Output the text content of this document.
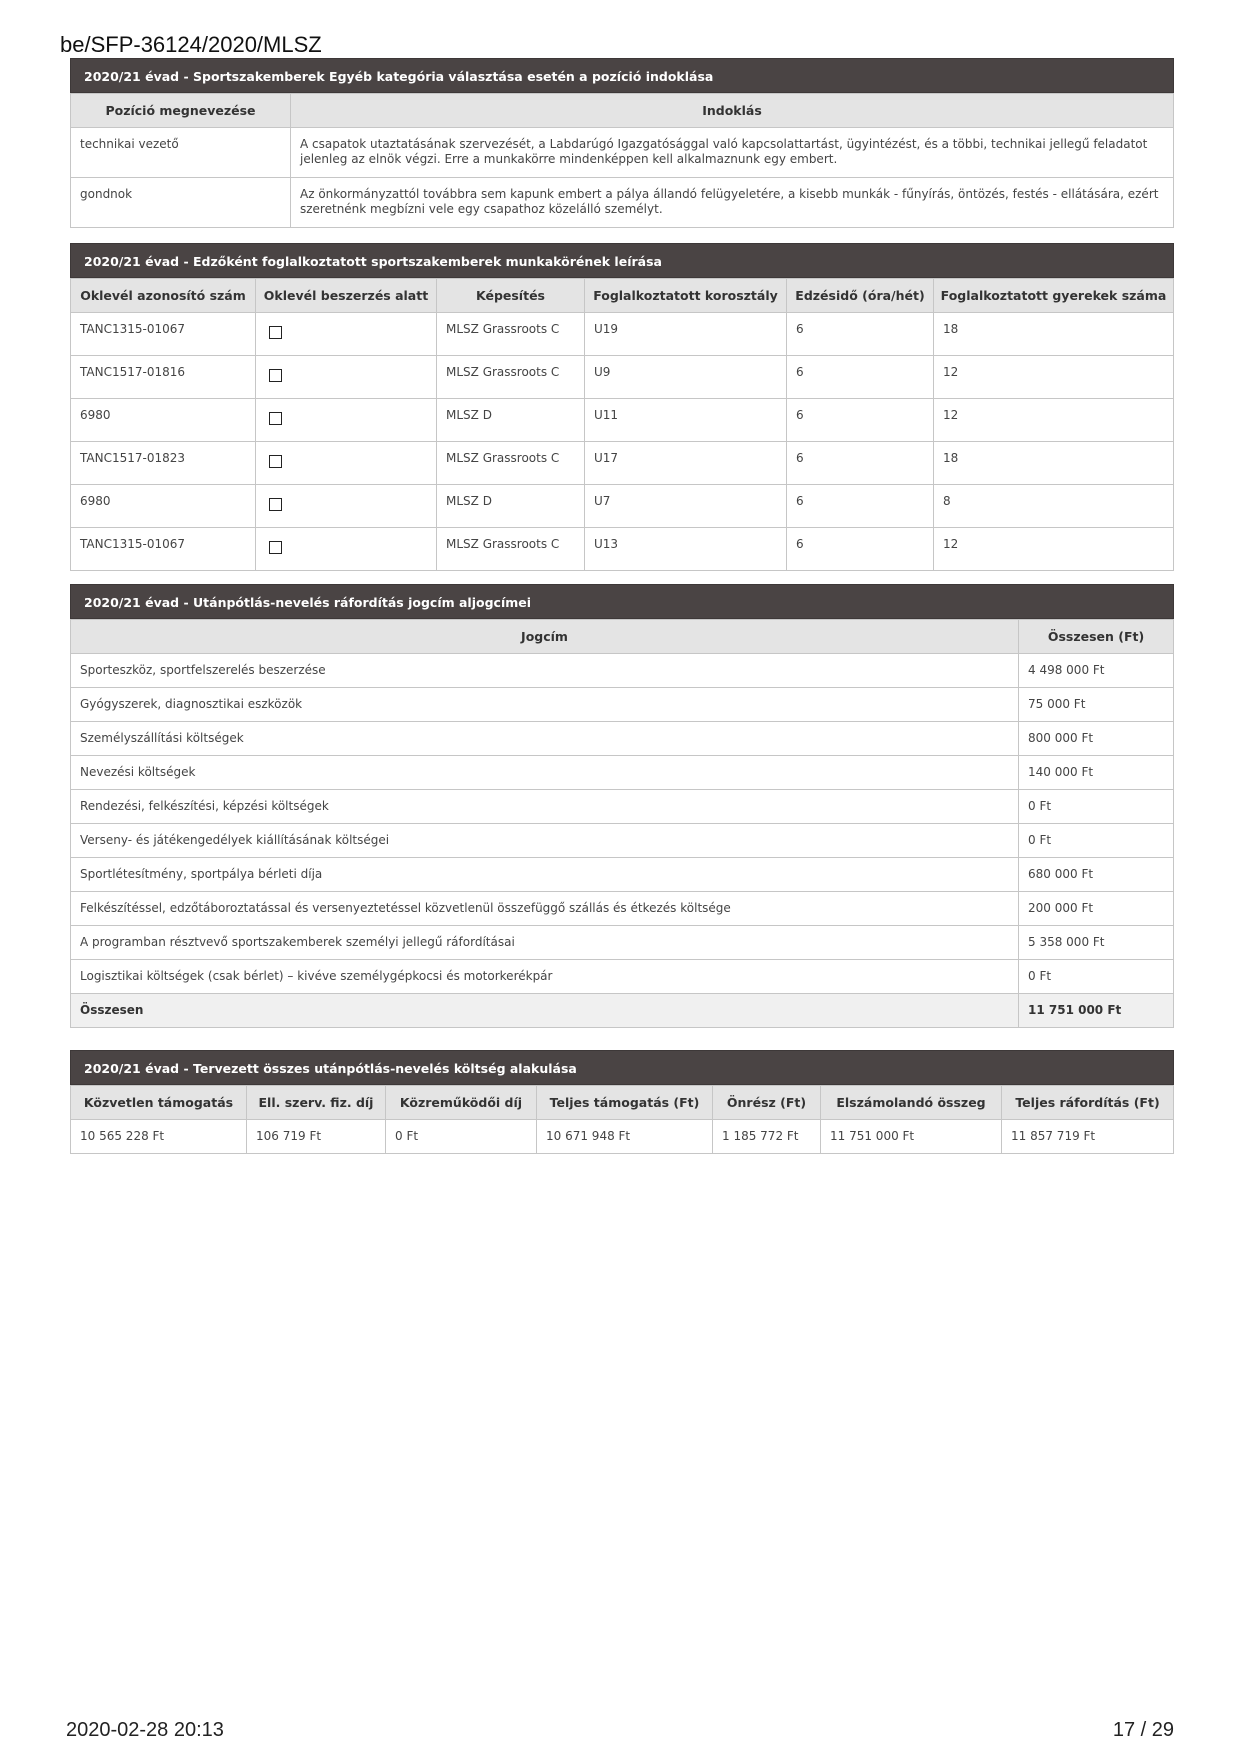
be/SFP-36124/2020/MLSZ
2020/21 évad - Sportszakemberek Egyéb kategória választása esetén a pozíció indoklása
Pozíció megnevezése	Indoklás
technikai vezető	A csapatok utaztatásának szervezését, a Labdarúgó Igazgatósággal való kapcsolattartást, ügyintézést, és a többi, technikai jellegű feladatot jelenleg az elnök végzi. Erre a munkakörre mindenképpen kell alkalmaznunk egy embert.
gondnok	Az önkormányzattól továbbra sem kapunk embert a pálya állandó felügyeletére, a kisebb munkák - fűnyírás, öntözés, festés - ellátására, ezért szeretnénk megbízni vele egy csapathoz közelálló személyt.
2020/21 évad - Edzőként foglalkoztatott sportszakemberek munkakörének leírása
Oklevél azonosító szám	Oklevél beszerzés alatt	Képesítés	Foglalkoztatott korosztály	Edzésidő (óra/hét)	Foglalkoztatott gyerekek száma
TANC1315-01067		MLSZ Grassroots C	U19	6	18
TANC1517-01816		MLSZ Grassroots C	U9	6	12
6980		MLSZ D	U11	6	12
TANC1517-01823		MLSZ Grassroots C	U17	6	18
6980		MLSZ D	U7	6	8
TANC1315-01067		MLSZ Grassroots C	U13	6	12
2020/21 évad - Utánpótlás-nevelés ráfordítás jogcím aljogcímei
Jogcím	Összesen (Ft)
Sporteszköz, sportfelszerelés beszerzése	4 498 000 Ft
Gyógyszerek, diagnosztikai eszközök	75 000 Ft
Személyszállítási költségek	800 000 Ft
Nevezési költségek	140 000 Ft
Rendezési, felkészítési, képzési költségek	0 Ft
Verseny- és játékengedélyek kiállításának költségei	0 Ft
Sportlétesítmény, sportpálya bérleti díja	680 000 Ft
Felkészítéssel, edzőtáboroztatással és versenyeztetéssel közvetlenül összefüggő szállás és étkezés költsége	200 000 Ft
A programban résztvevő sportszakemberek személyi jellegű ráfordításai	5 358 000 Ft
Logisztikai költségek (csak bérlet) – kivéve személygépkocsi és motorkerékpár	0 Ft
Összesen	11 751 000 Ft
2020/21 évad - Tervezett összes utánpótlás-nevelés költség alakulása
Közvetlen támogatás	Ell. szerv. fiz. díj	Közreműködői díj	Teljes támogatás (Ft)	Önrész (Ft)	Elszámolandó összeg	Teljes ráfordítás (Ft)
10 565 228 Ft	106 719 Ft	0 Ft	10 671 948 Ft	1 185 772 Ft	11 751 000 Ft	11 857 719 Ft
2020-02-28 20:13	17 / 29
